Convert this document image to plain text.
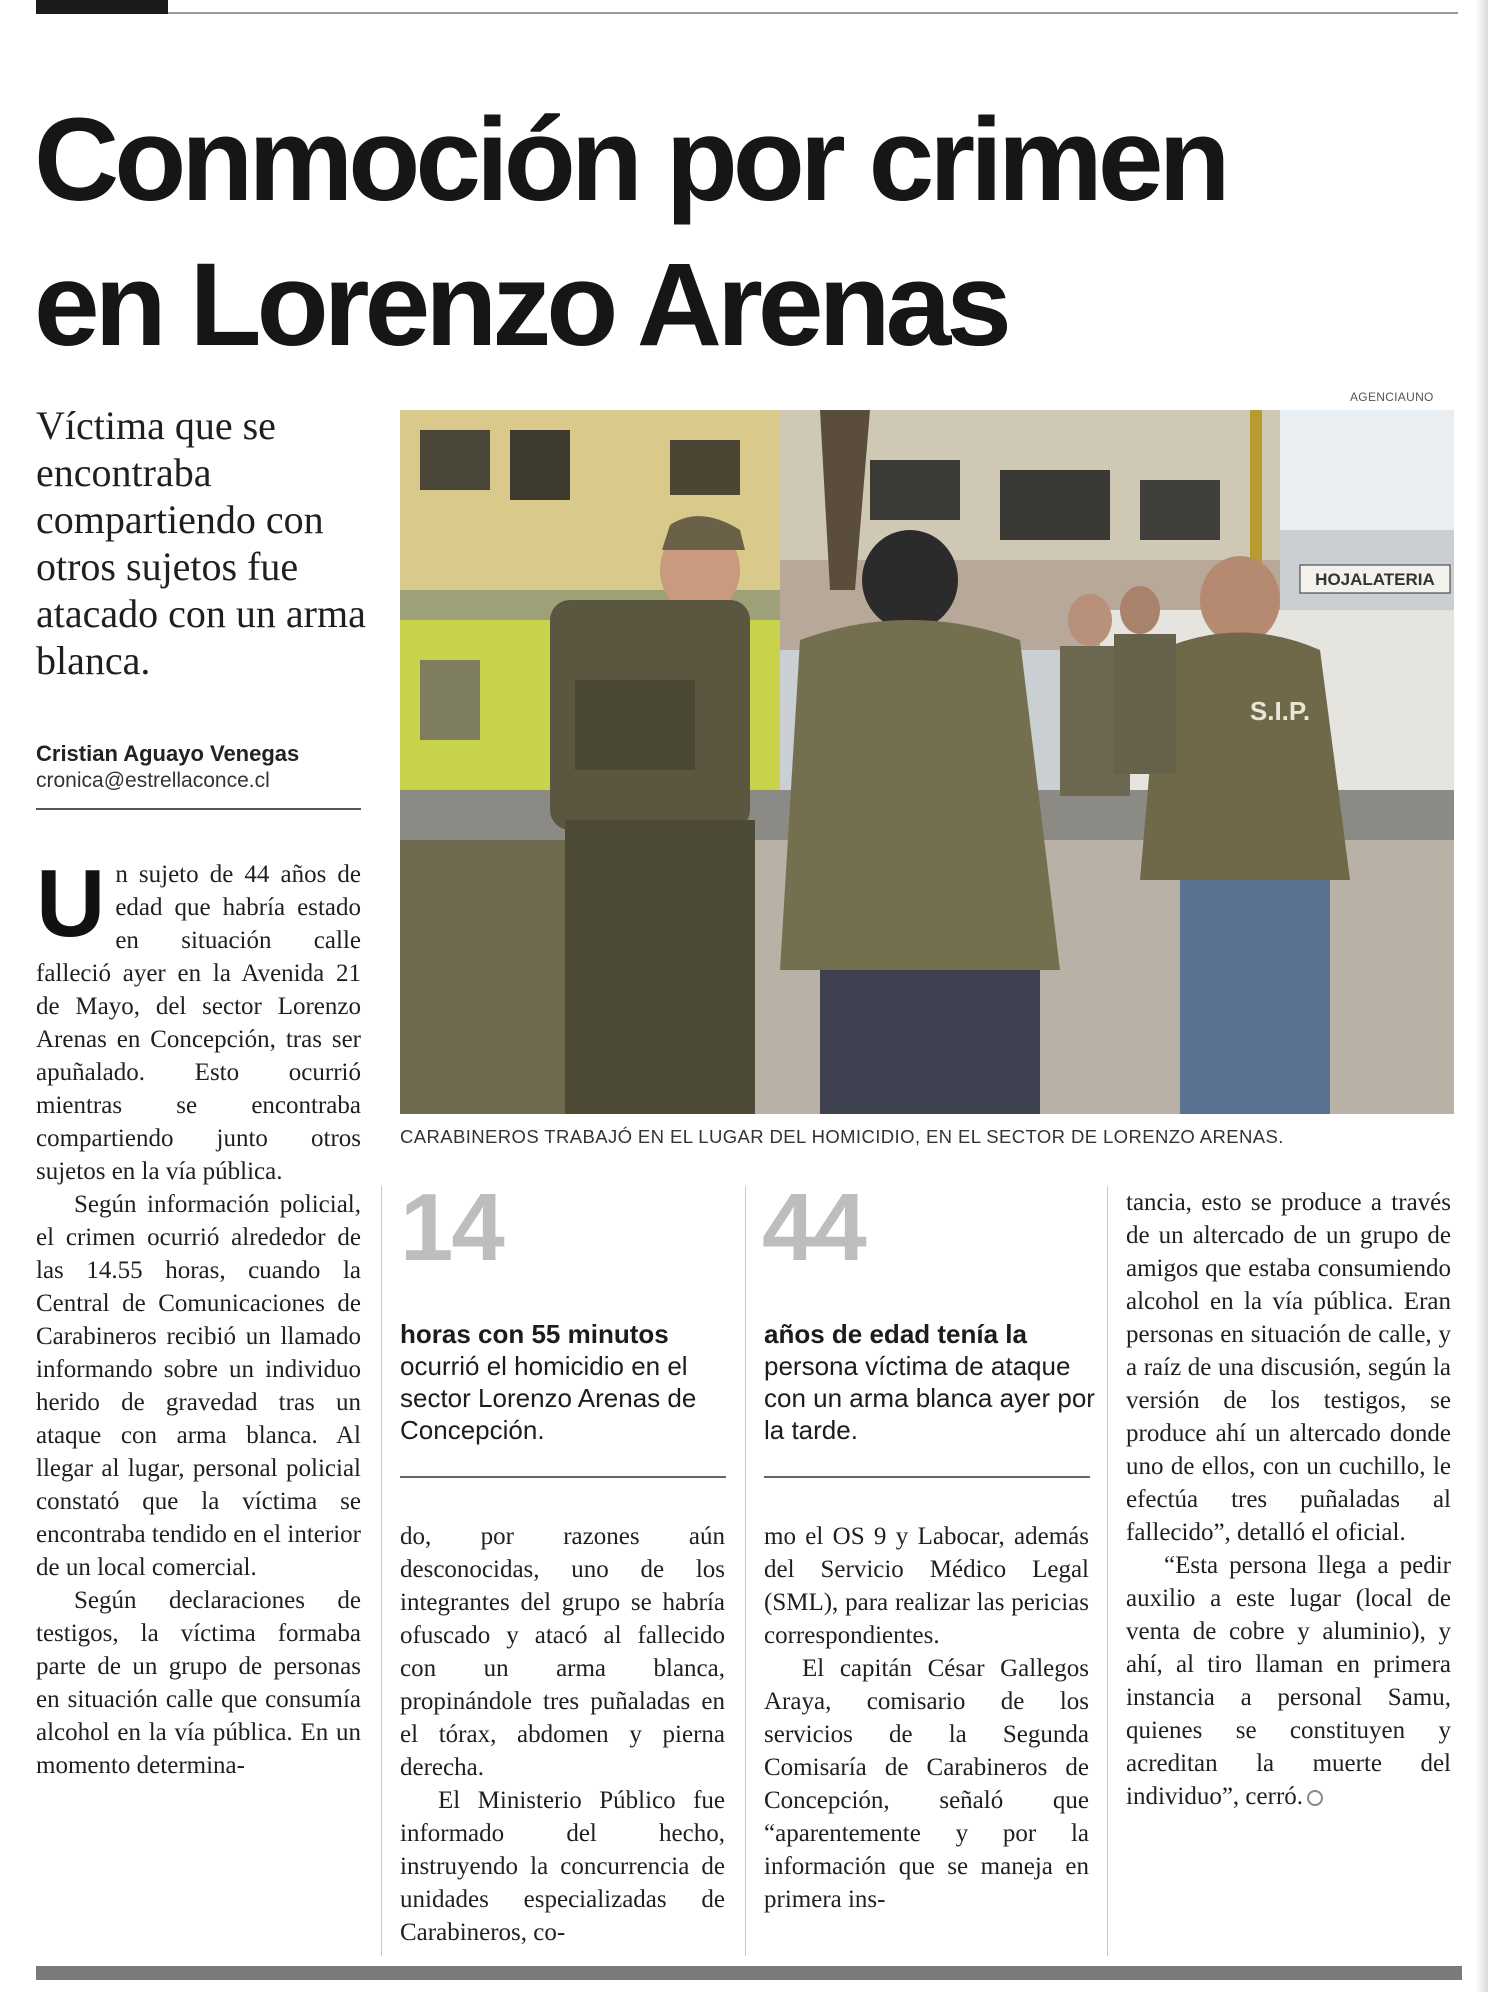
Conmoción por crimen
en Lorenzo Arenas
Víctima que se encontraba compartiendo con otros sujetos fue atacado con un arma blanca.
Cristian Aguayo Venegas
cronica@estrellaconce.cl
AGENCIAUNO
HOJALATERIA
S.I.P.
CARABINEROS TRABAJÓ EN EL LUGAR DEL HOMICIDIO, EN EL SECTOR DE LORENZO ARENAS.

Un sujeto de 44 años de edad que habría estado en situación calle falleció ayer en la Avenida 21 de Mayo, del sector Lorenzo Arenas en Concepción, tras ser apuñalado. Esto ocurrió mientras se encontraba compartiendo junto otros sujetos en la vía pública.

Según información policial, el crimen ocurrió alrededor de las 14.55 horas, cuando la Central de Comunicaciones de Carabineros recibió un llamado informando sobre un individuo herido de gravedad tras un ataque con arma blanca. Al llegar al lugar, personal policial constató que la víctima se encontraba tendido en el interior de un local comercial.

Según declaraciones de testigos, la víctima formaba parte de un grupo de personas en situación calle que consumía alcohol en la vía pública. En un momento determina-

14
horas con 55 minutos
ocurrió el homicidio en el sector Lorenzo Arenas de Concepción.
44
años de edad tenía la
persona víctima de ataque con un arma blanca ayer por la tarde.

do, por razones aún desconocidas, uno de los integrantes del grupo se habría ofuscado y atacó al fallecido con un arma blanca, propinándole tres puñaladas en el tórax, abdomen y pierna derecha.

El Ministerio Público fue informado del hecho, instruyendo la concurrencia de unidades especializadas de Carabineros, co-

mo el OS 9 y Labocar, además del Servicio Médico Legal (SML), para realizar las pericias correspondientes.

El capitán César Gallegos Araya, comisario de los servicios de la Segunda Comisaría de Carabineros de Concepción, señaló que “aparentemente y por la información que se maneja en primera ins-

tancia, esto se produce a través de un altercado de un grupo de amigos que estaba consumiendo alcohol en la vía pública. Eran personas en situación de calle, y a raíz de una discusión, según la versión de los testigos, se produce ahí un altercado donde uno de ellos, con un cuchillo, le efectúa tres puñaladas al fallecido”, detalló el oficial.

“Esta persona llega a pedir auxilio a este lugar (local de venta de cobre y aluminio), y ahí, al tiro llaman en primera instancia a personal Samu, quienes se constituyen y acreditan la muerte del individuo”, cerró.
